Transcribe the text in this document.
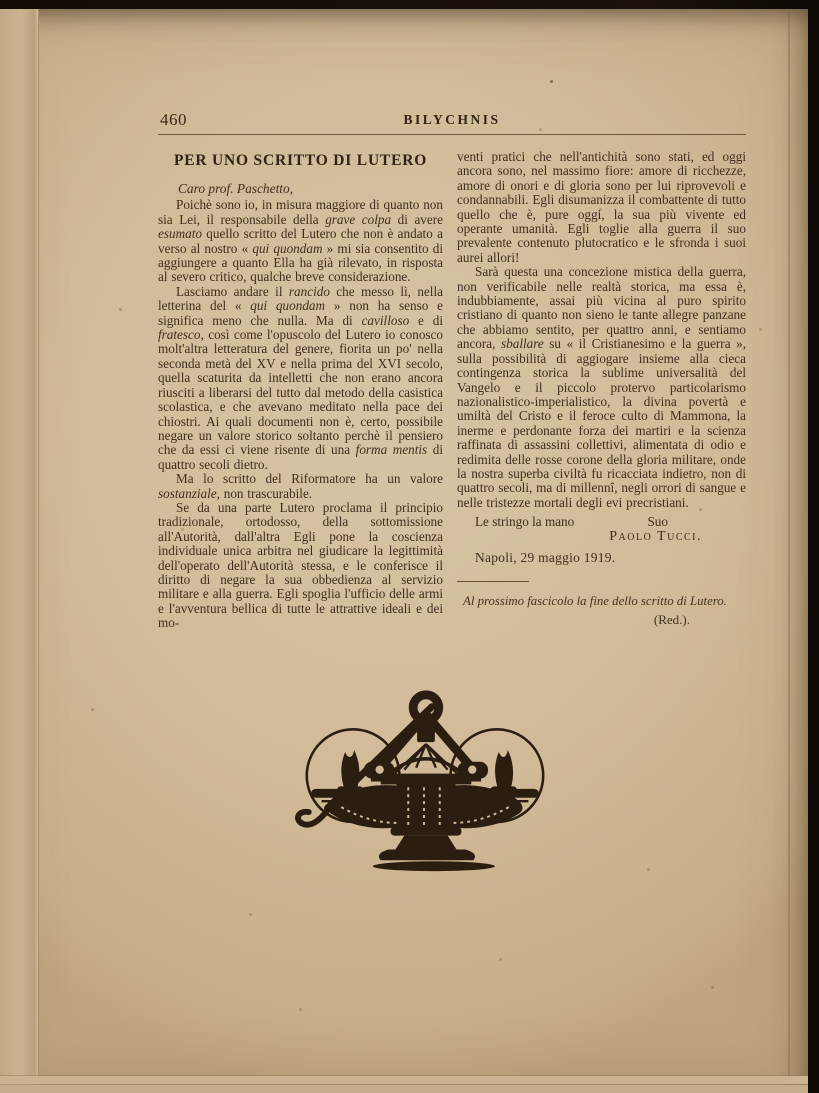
460	BILYCHNIS
PER UNO SCRITTO DI LUTERO
Caro prof. Paschetto,

Poichè sono io, in misura maggiore di quanto non sia Lei, il responsabile della grave colpa di avere esumato quello scritto del Lutero che non è andato a verso al nostro « qui quondam » mi sia consentito di aggiungere a quanto Ella ha già rilevato, in risposta al severo critico, qualche breve considerazione.

Lasciamo andare il rancido che messo lì, nella letterina del « qui quondam » non ha senso e significa meno che nulla. Ma di cavilloso e di fratesco, così come l'opuscolo del Lutero io conosco molt'altra letteratura del genere, fiorita un po' nella seconda metà del XV e nella prima del XVI secolo, quella scaturita da intelletti che non erano ancora riusciti a liberarsi del tutto dal metodo della casistica scolastica, e che avevano meditato nella pace dei chiostri. Ai quali documenti non è, certo, possibile negare un valore storico soltanto perchè il pensiero che da essi ci viene risente di una forma mentis di quattro secoli dietro.

Ma lo scritto del Riformatore ha un valore sostanziale, non trascurabile.

Se da una parte Lutero proclama il principio tradizionale, ortodosso, della sottomissione all'Autorità, dall'altra Egli pone la coscienza individuale unica arbitra nel giudicare la legittimità dell'operato dell'Autorità stessa, e le conferisce il diritto di negare la sua obbedienza al servizio militare e alla guerra. Egli spoglia l'ufficio delle armi e l'avventura bellica di tutte le attrattive ideali e dei mo-

venti pratici che nell'antichità sono stati, ed oggi ancora sono, nel massimo fiore: amore di ricchezze, amore di onori e di gloria sono per lui riprovevoli e condannabili. Egli disumanizza il combattente di tutto quello che è, pure oggi, la sua più vivente ed operante umanità. Egli toglie alla guerra il suo prevalente contenuto plutocratico e le sfronda i suoi aurei allori!

Sarà questa una concezione mistica della guerra, non verificabile nelle realtà storica, ma essa è, indubbiamente, assai più vicina al puro spirito cristiano di quanto non sieno le tante allegre panzane che abbiamo sentito, per quattro anni, e sentiamo ancora, sballare su « il Cristianesimo e la guerra », sulla possibilità di aggiogare insieme alla cieca contingenza storica la sublime universalità del Vangelo e il piccolo protervo particolarismo nazionalistico-imperialistico, la divina povertà e umiltà del Cristo e il feroce culto di Mammona, la inerme e perdonante forza dei martiri e la scienza raffinata di assassini collettivi, alimentata di odio e redimita delle rosse corone della gloria militare, onde la nostra superba civiltà fu ricacciata indietro, non di quattro secoli, ma di millennî, negli orrori di sangue e nelle tristezze mortali degli evi precristiani.

Le stringo la mano	Suo
Paolo Tucci.
Napoli, 29 maggio 1919.
Al prossimo fascicolo la fine dello scritto di Lutero.
(Red.).
